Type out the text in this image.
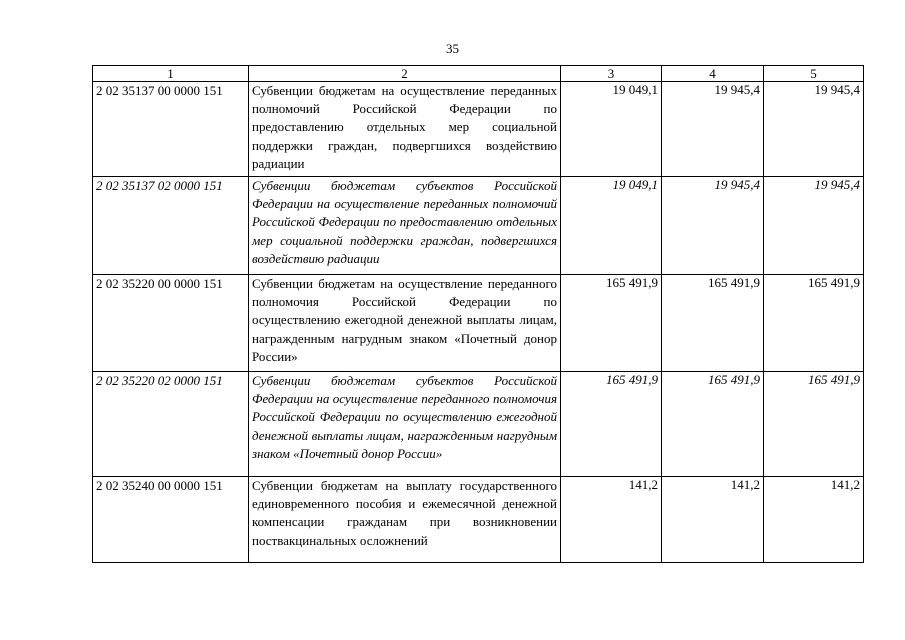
35
1	2	3	4	5
2 02 35137 00 0000 151	Субвенции бюджетам на осуществление переданных полномочий Российской Федерации по предоставлению отдельных мер социальной поддержки граждан, подвергшихся воздействию радиации	19 049,1	19 945,4	19 945,4
2 02 35137 02 0000 151	Субвенции бюджетам субъектов Российской Федерации на осуществление переданных полномочий Российской Федерации по предоставлению отдельных мер социальной поддержки граждан, подвергшихся воздействию радиации	19 049,1	19 945,4	19 945,4
2 02 35220 00 0000 151	Субвенции бюджетам на осуществление переданного полномочия Российской Федерации по осуществлению ежегодной денежной выплаты лицам, награжденным нагрудным знаком «Почетный донор России»	165 491,9	165 491,9	165 491,9
2 02 35220 02 0000 151	Субвенции бюджетам субъектов Российской Федерации на осуществление переданного полномочия Российской Федерации по осуществлению ежегодной денежной выплаты лицам, награжденным нагрудным знаком «Почетный донор России»	165 491,9	165 491,9	165 491,9
2 02 35240 00 0000 151	Субвенции бюджетам на выплату государственного единовременного пособия и ежемесячной денежной компенсации гражданам при возникновении поствакцинальных осложнений	141,2	141,2	141,2
